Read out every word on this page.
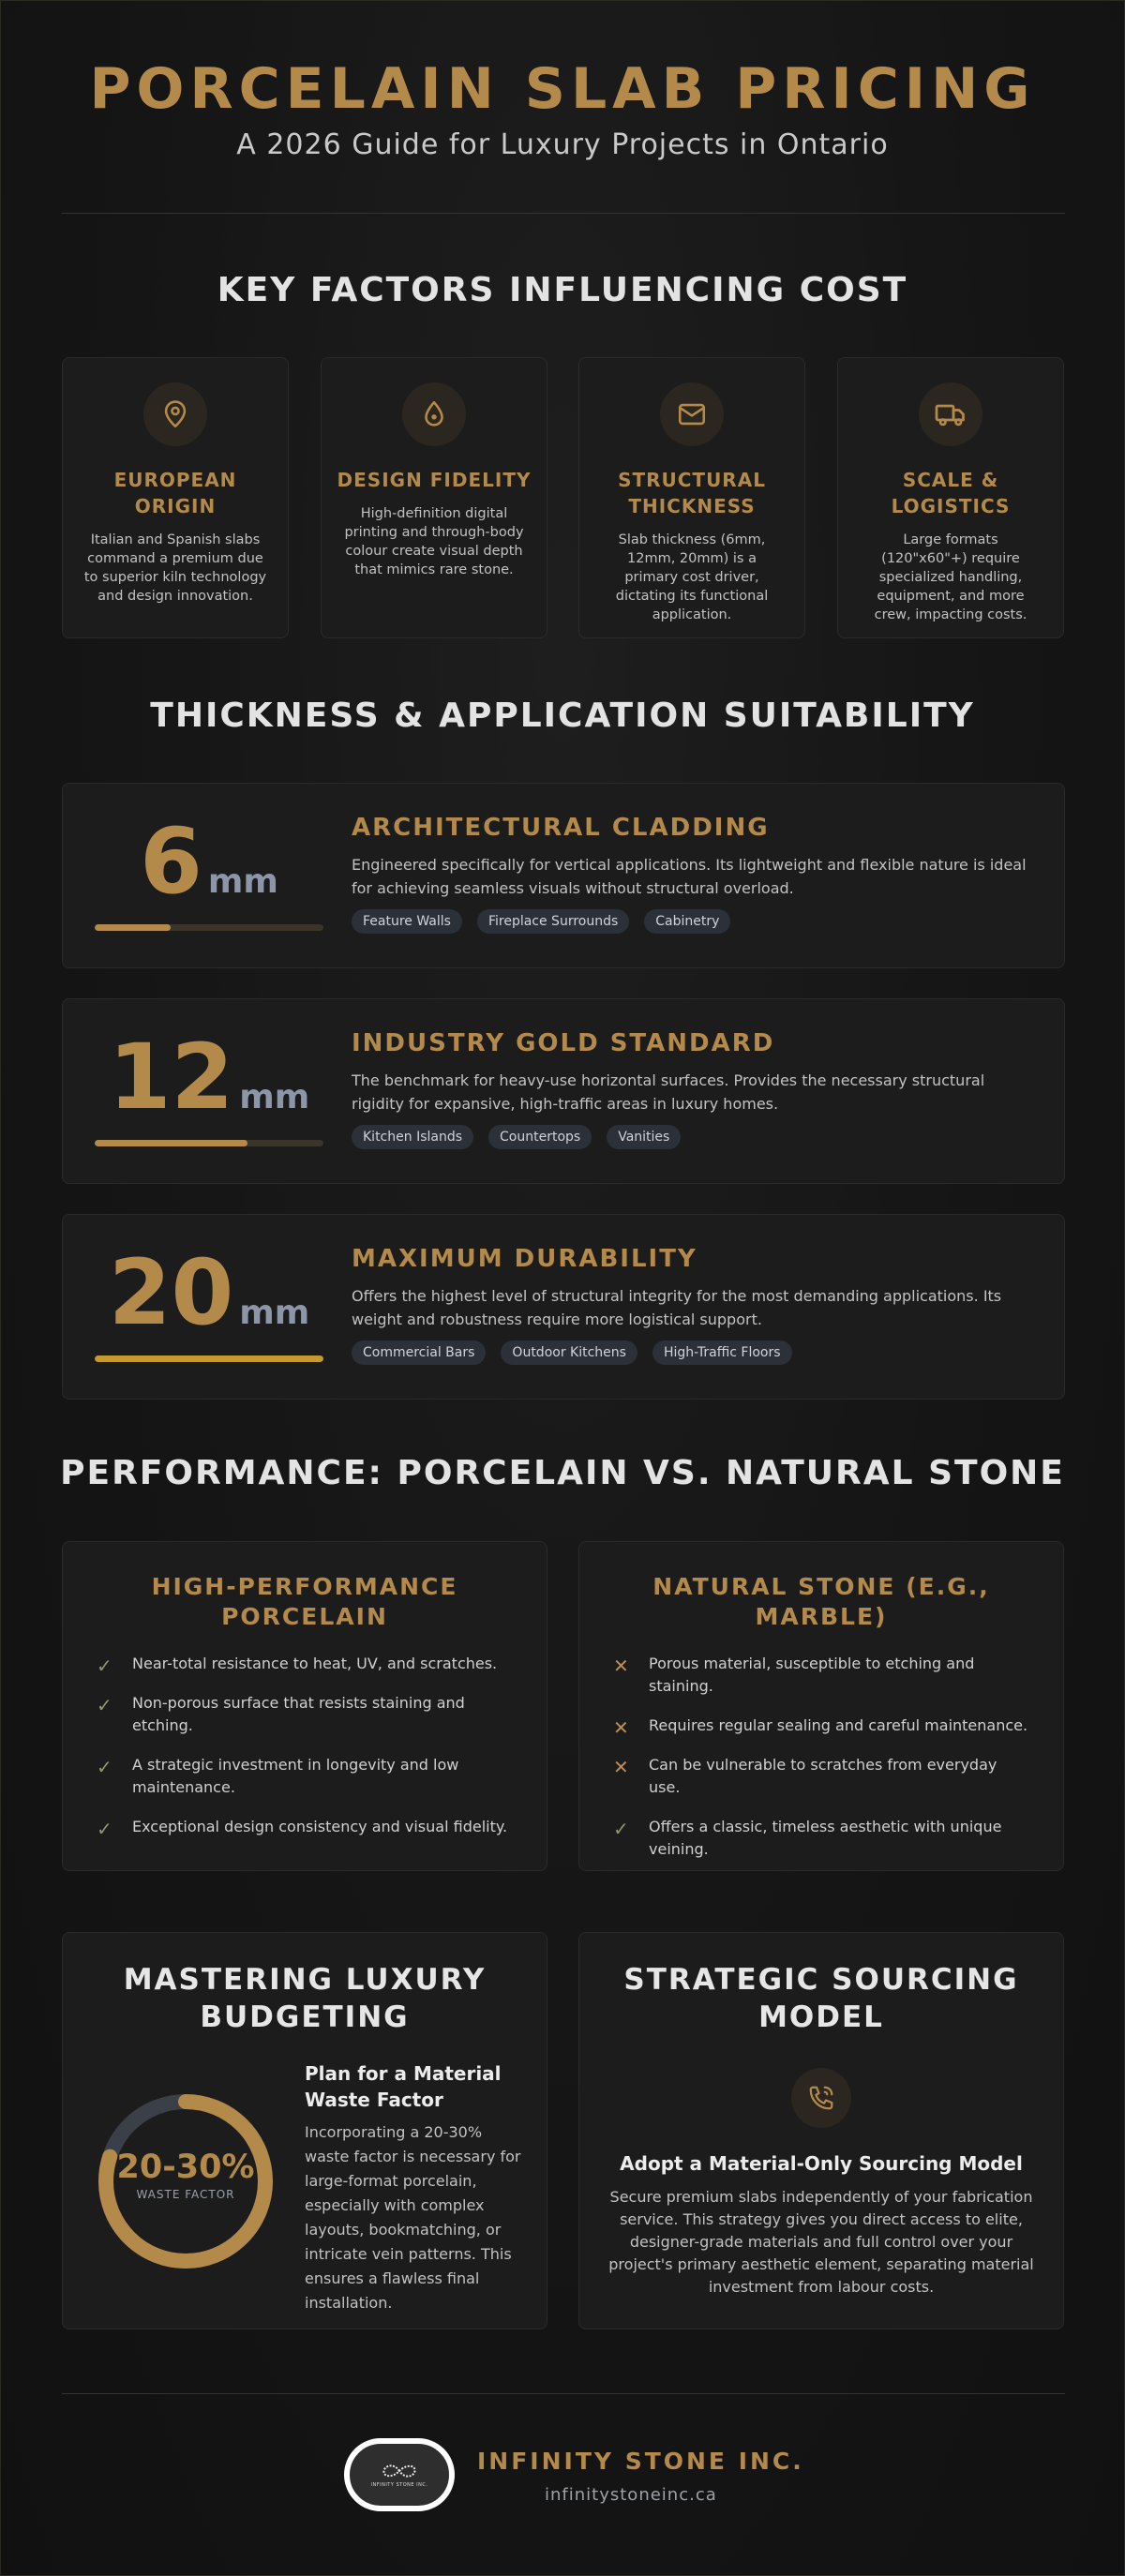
PORCELAIN SLAB PRICING
A 2026 Guide for Luxury Projects in Ontario
KEY FACTORS INFLUENCING COST
EUROPEAN ORIGIN
Italian and Spanish slabs command a premium due to superior kiln technology and design innovation.
DESIGN FIDELITY
High-definition digital printing and through-body colour create visual depth that mimics rare stone.
STRUCTURAL THICKNESS
Slab thickness (6mm, 12mm, 20mm) is a primary cost driver, dictating its functional application.
SCALE & LOGISTICS
Large formats (120"x60"+) require specialized handling, equipment, and more crew, impacting costs.
THICKNESS & APPLICATION SUITABILITY
6 mm
ARCHITECTURAL CLADDING
Engineered specifically for vertical applications. Its lightweight and flexible nature is ideal for achieving seamless visuals without structural overload.
Feature Walls	Fireplace Surrounds	Cabinetry
12 mm
INDUSTRY GOLD STANDARD
The benchmark for heavy-use horizontal surfaces. Provides the necessary structural rigidity for expansive, high-traffic areas in luxury homes.
Kitchen Islands	Countertops	Vanities
20 mm
MAXIMUM DURABILITY
Offers the highest level of structural integrity for the most demanding applications. Its weight and robustness require more logistical support.
Commercial Bars	Outdoor Kitchens	High-Traffic Floors
PERFORMANCE: PORCELAIN VS. NATURAL STONE
HIGH-PERFORMANCE PORCELAIN
✓ Near-total resistance to heat, UV, and scratches.
✓ Non-porous surface that resists staining and etching.
✓ A strategic investment in longevity and low maintenance.
✓ Exceptional design consistency and visual fidelity.
NATURAL STONE (E.G., MARBLE)
✕ Porous material, susceptible to etching and staining.
✕ Requires regular sealing and careful maintenance.
✕ Can be vulnerable to scratches from everyday use.
✓ Offers a classic, timeless aesthetic with unique veining.
MASTERING LUXURY BUDGETING
20-30%
WASTE FACTOR
Plan for a Material Waste Factor
Incorporating a 20-30% waste factor is necessary for large-format porcelain, especially with complex layouts, bookmatching, or intricate vein patterns. This ensures a flawless final installation.
STRATEGIC SOURCING MODEL
Adopt a Material-Only Sourcing Model
Secure premium slabs independently of your fabrication service. This strategy gives you direct access to elite, designer-grade materials and full control over your project's primary aesthetic element, separating material investment from labour costs.
INFINITY STONE INC.
INFINITY STONE INC.
infinitystoneinc.ca
